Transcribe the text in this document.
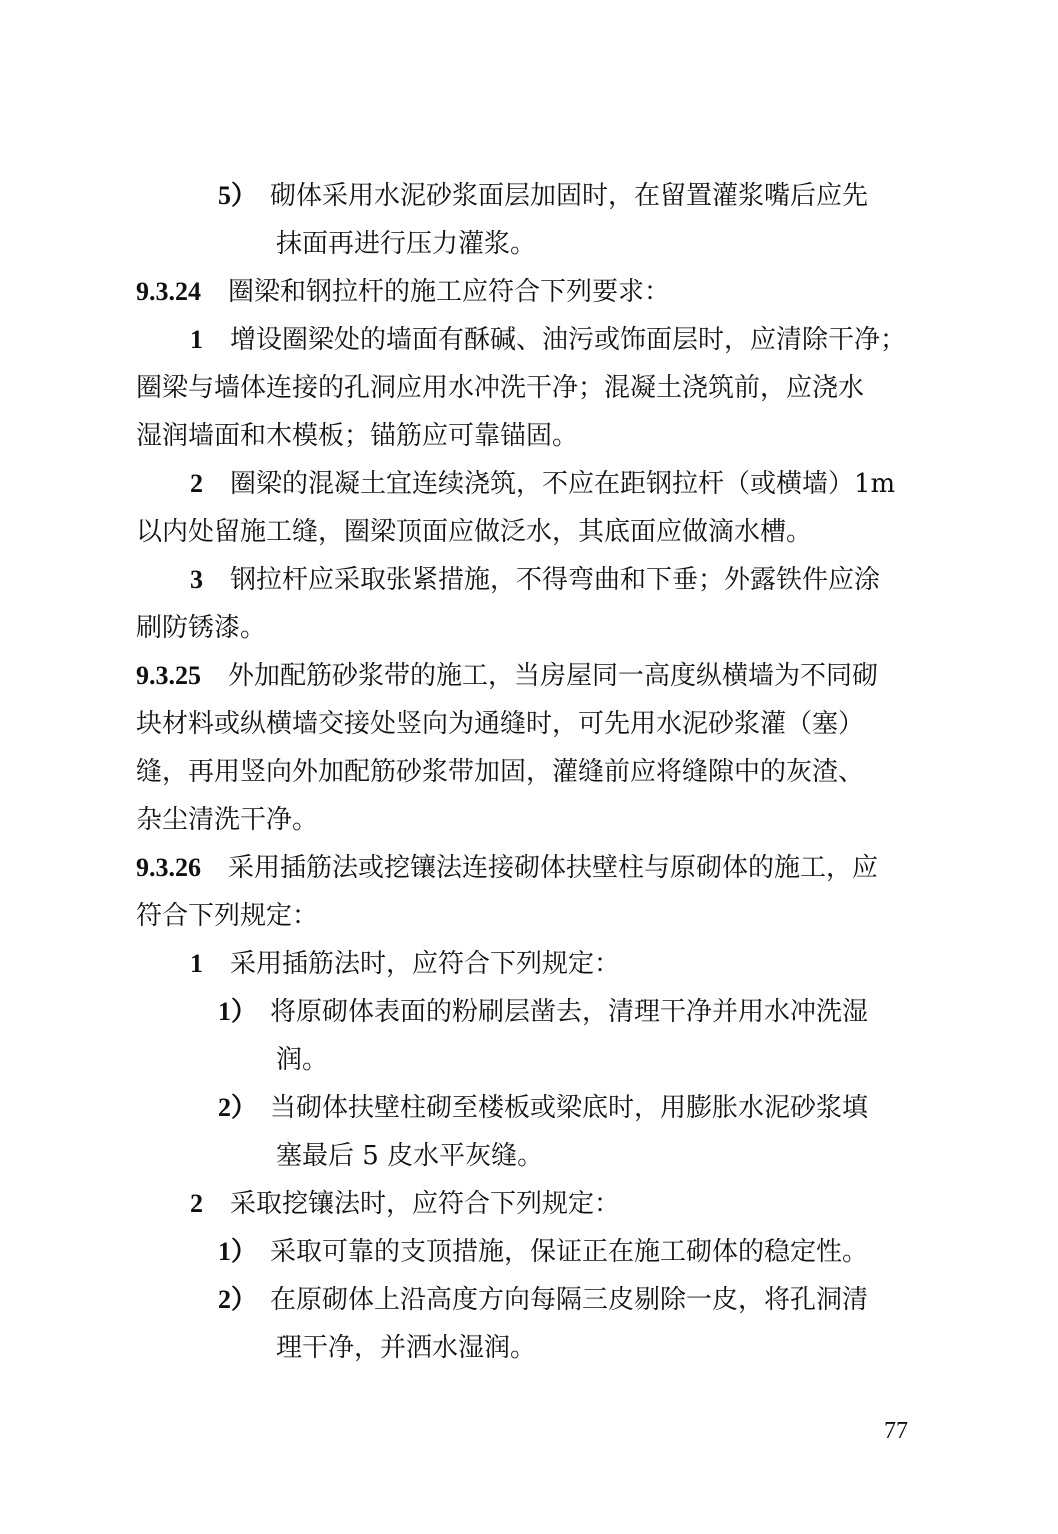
5） 砌体采用水泥砂浆面层加固时，在留置灌浆嘴后应先
抹面再进行压力灌浆。
9.3.24 圈梁和钢拉杆的施工应符合下列要求：
1 增设圈梁处的墙面有酥碱、油污或饰面层时，应清除干净；
圈梁与墙体连接的孔洞应用水冲洗干净；混凝土浇筑前，应浇水
湿润墙面和木模板；锚筋应可靠锚固。
2 圈梁的混凝土宜连续浇筑，不应在距钢拉杆（或横墙）1m
以内处留施工缝，圈梁顶面应做泛水，其底面应做滴水槽。
3 钢拉杆应采取张紧措施，不得弯曲和下垂；外露铁件应涂
刷防锈漆。
9.3.25 外加配筋砂浆带的施工，当房屋同一高度纵横墙为不同砌
块材料或纵横墙交接处竖向为通缝时，可先用水泥砂浆灌（塞）
缝，再用竖向外加配筋砂浆带加固，灌缝前应将缝隙中的灰渣、
杂尘清洗干净。
9.3.26 采用插筋法或挖镶法连接砌体扶壁柱与原砌体的施工，应
符合下列规定：
1 采用插筋法时，应符合下列规定：
1） 将原砌体表面的粉刷层凿去，清理干净并用水冲洗湿
润。
2） 当砌体扶壁柱砌至楼板或梁底时，用膨胀水泥砂浆填
塞最后 5 皮水平灰缝。
2 采取挖镶法时，应符合下列规定：
1） 采取可靠的支顶措施，保证正在施工砌体的稳定性。
2） 在原砌体上沿高度方向每隔三皮剔除一皮，将孔洞清
理干净，并洒水湿润。
77
